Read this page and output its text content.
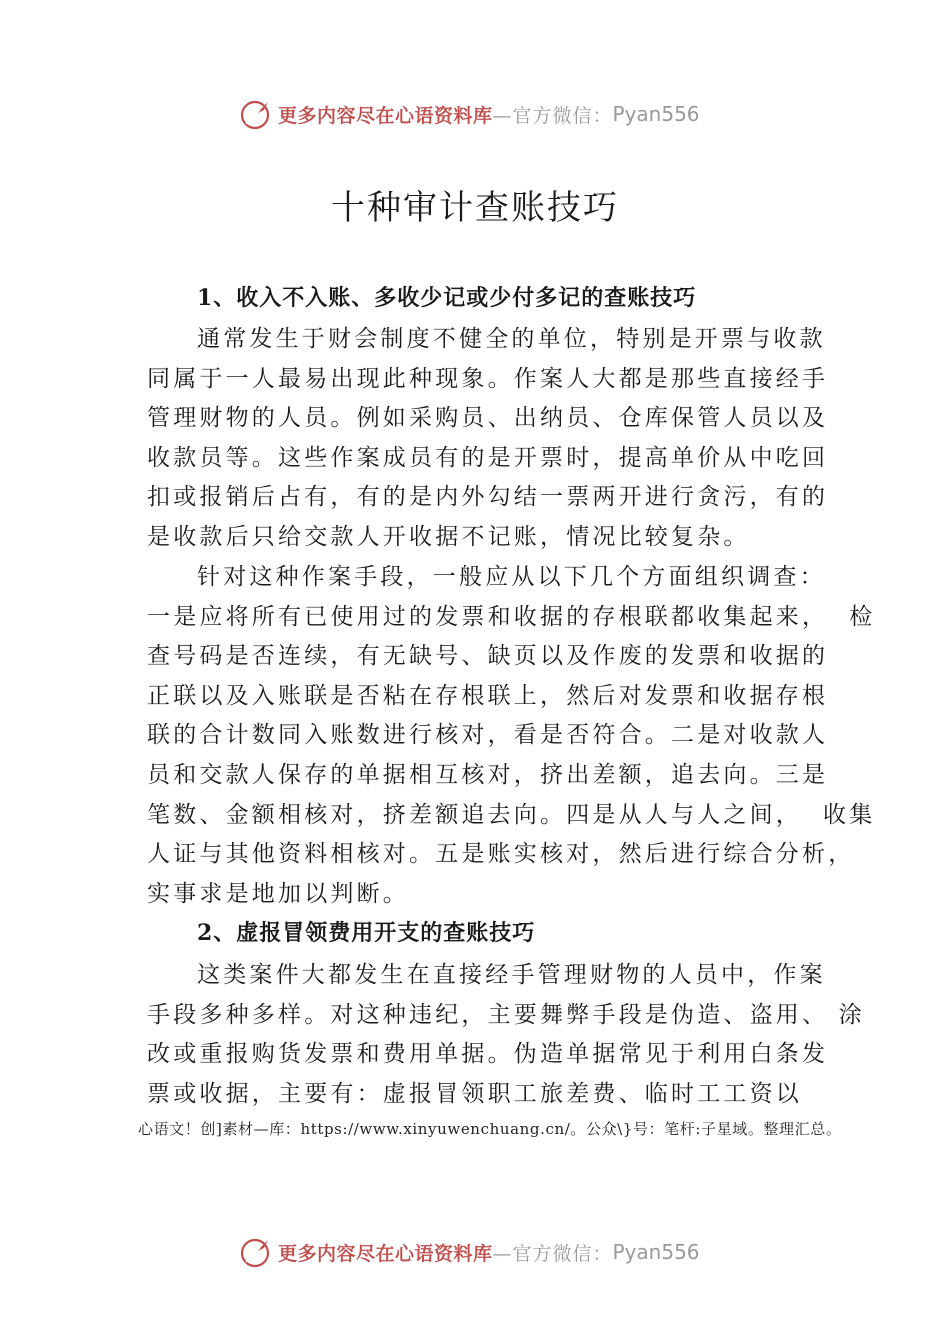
更多内容尽在心语资料库 —官方微信： Pyan556
十种审计查账技巧
1、收入不入账、多收少记或少付多记的查账技巧
通常发生于财会制度不健全的单位，特别是开票与收款
同属于一人最易出现此种现象。作案人大都是那些直接经手
管理财物的人员。例如采购员、出纳员、仓库保管人员以及
收款员等。这些作案成员有的是开票时，提高单价从中吃回
扣或报销后占有，有的是内外勾结一票两开进行贪污，有的
是收款后只给交款人开收据不记账，情况比较复杂。
针对这种作案手段，一般应从以下几个方面组织调查：
一是应将所有已使用过的发票和收据的存根联都收集起来，  检
查号码是否连续，有无缺号、缺页以及作废的发票和收据的
正联以及入账联是否粘在存根联上，然后对发票和收据存根
联的合计数同入账数进行核对，看是否符合。二是对收款人
员和交款人保存的单据相互核对，挤出差额，追去向。三是
笔数、金额相核对，挤差额追去向。四是从人与人之间，  收集
人证与其他资料相核对。五是账实核对，然后进行综合分析，
实事求是地加以判断。
2、虚报冒领费用开支的查账技巧
这类案件大都发生在直接经手管理财物的人员中，作案
手段多种多样。对这种违纪，主要舞弊手段是伪造、盗用、 涂
改或重报购货发票和费用单据。伪造单据常见于利用白条发
票或收据，主要有：虚报冒领职工旅差费、临时工工资以
心语文！创]素材—库：https://www.xinyuwenchuang.cn/。公众\}号：笔杆:子星域。整理汇总。
更多内容尽在心语资料库 —官方微信： Pyan556
